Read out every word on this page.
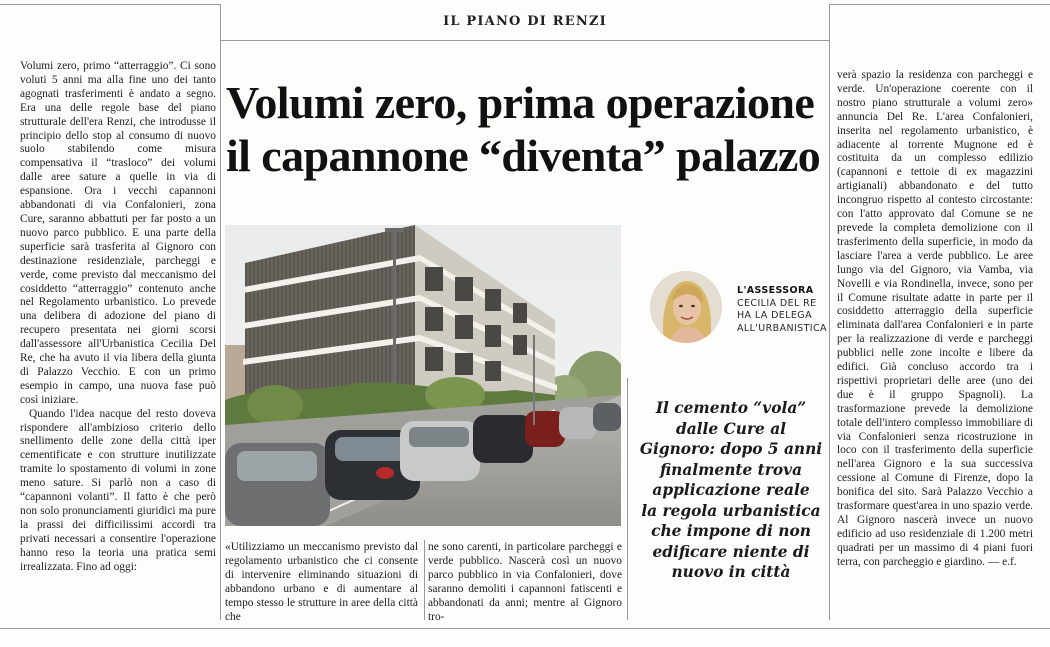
IL PIANO DI RENZI
Volumi zero, prima operazione
il capannone “diventa” palazzo

Volumi zero, primo “atterraggio”. Ci sono voluti 5 anni ma alla fine uno dei tanto agognati trasferimenti è andato a segno. Era una delle regole base del piano strutturale dell'era Renzi, che introdusse il principio dello stop al consumo di nuovo suolo stabilendo come misura compensativa il “trasloco” dei volumi dalle aree sature a quelle in via di espansione. Ora i vecchi capannoni abbandonati di via Confalonieri, zona Cure, saranno abbattuti per far posto a un nuovo parco pubblico. E una parte della superficie sarà trasferita al Gignoro con destinazione residenziale, parcheggi e verde, come previsto dal meccanismo del cosiddetto “atterraggio” contenuto anche nel Regolamento urbanistico. Lo prevede una delibera di adozione del piano di recupero presentata nei giorni scorsi dall'assessore all'Urbanistica Cecilia Del Re, che ha avuto il via libera della giunta di Palazzo Vecchio. E con un primo esempio in campo, una nuova fase può così iniziare.

Quando l'idea nacque del resto doveva rispondere all'ambizioso criterio dello snellimento delle zone della città iper cementificate e con strutture inutilizzate tramite lo spostamento di volumi in zone meno sature. Si parlò non a caso di “capannoni volanti”. Il fatto è che però non solo pronunciamenti giuridici ma pure la prassi dei difficilissimi accordi tra privati necessari a consentire l'operazione hanno reso la teoria una pratica semi irrealizzata. Fino ad oggi:

L'ASSESSORA
CECILIA DEL RE
HA LA DELEGA
ALL'URBANISTICA
Il cemento “vola”
dalle Cure al
Gignoro: dopo 5 anni
finalmente trova
applicazione reale
la regola urbanistica
che impone di non
edificare niente di
nuovo in città

«Utilizziamo un meccanismo previsto dal regolamento urbanistico che ci consente di intervenire eliminando situazioni di abbandono urbano e di aumentare al tempo stesso le strutture in aree della città che

ne sono carenti, in particolare parcheggi e verde pubblico. Nascerà così un nuovo parco pubblico in via Confalonieri, dove saranno demoliti i capannoni fatiscenti e abbandonati da anni; mentre al Gignoro tro-

verà spazio la residenza con parcheggi e verde. Un'operazione coerente con il nostro piano strutturale a volumi zero» annuncia Del Re. L'area Confalonieri, inserita nel regolamento urbanistico, è adiacente al torrente Mugnone ed è costituita da un complesso edilizio (capannoni e tettoie di ex magazzini artigianali) abbandonato e del tutto incongruo rispetto al contesto circostante: con l'atto approvato dal Comune se ne prevede la completa demolizione con il trasferimento della superficie, in modo da lasciare l'area a verde pubblico. Le aree lungo via del Gignoro, via Vamba, via Novelli e via Rondinella, invece, sono per il Comune risultate adatte in parte per il cosiddetto atterraggio della superficie eliminata dall'area Confalonieri e in parte per la realizzazione di verde e parcheggi pubblici nelle zone incolte e libere da edifici. Già concluso accordo tra i rispettivi proprietari delle aree (uno dei due è il gruppo Spagnoli). La trasformazione prevede la demolizione totale dell'intero complesso immobiliare di via Confalonieri senza ricostruzione in loco con il trasferimento della superficie nell'area Gignoro e la sua successiva cessione al Comune di Firenze, dopo la bonifica del sito. Sarà Palazzo Vecchio a trasformare quest'area in uno spazio verde. Al Gignoro nascerà invece un nuovo edificio ad uso residenziale di 1.200 metri quadrati per un massimo di 4 piani fuori terra, con parcheggio e giardino. — e.f.
